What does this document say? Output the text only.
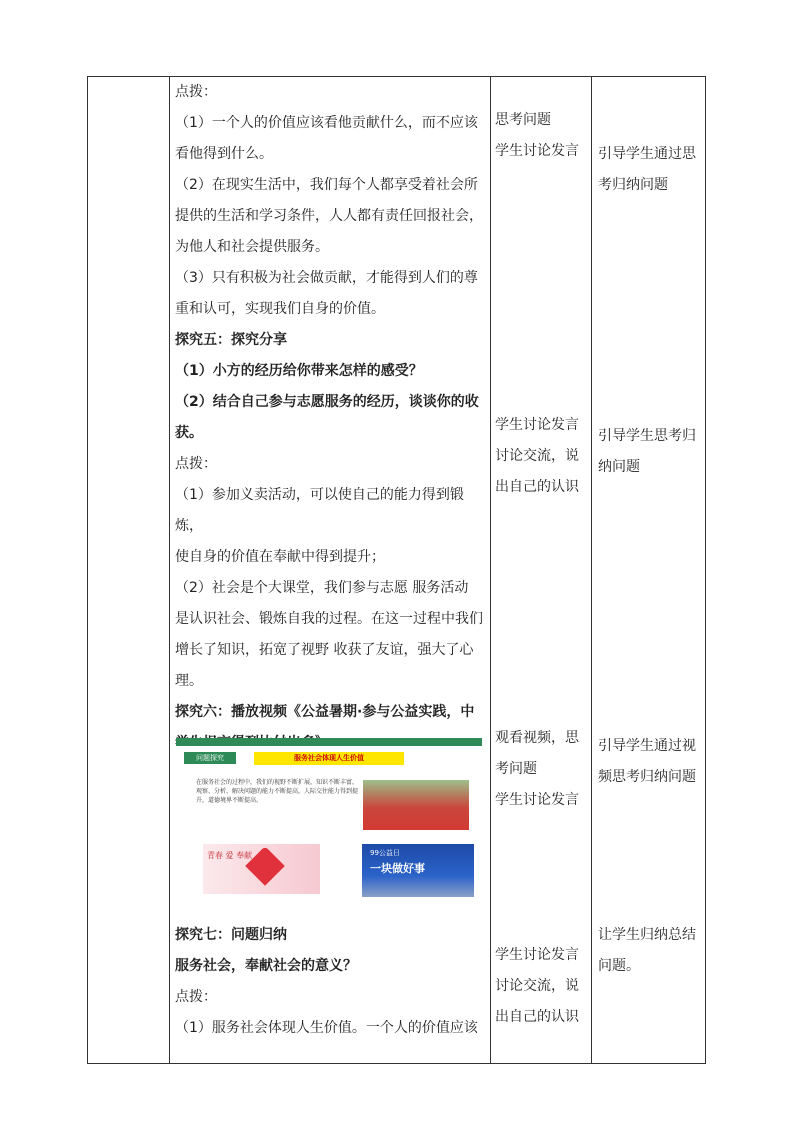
点拨：

（1）一个人的价值应该看他贡献什么，而不应该

看他得到什么。

（2）在现实生活中，我们每个人都享受着社会所

提供的生活和学习条件，人人都有责任回报社会，

为他人和社会提供服务。

（3）只有积极为社会做贡献，才能得到人们的尊

重和认可，实现我们自身的价值。

探究五：探究分享

（1）小方的经历给你带来怎样的感受？

（2）结合自己参与志愿服务的经历，谈谈你的收

获。

点拨：

（1）参加义卖活动，可以使自己的能力得到锻炼，

使自身的价值在奉献中得到提升；

（2）社会是个大课堂，我们参与志愿 服务活动

是认识社会、锻炼自我的过程。在这一过程中我们

增长了知识，拓宽了视野 收获了友谊，强大了心

理。

探究六：播放视频《公益暑期·参与公益实践，中

探究七：问题归纳

服务社会，奉献社会的意义？

点拨：

（1）服务社会体现人生价值。一个人的价值应该

思考问题
学生讨论发言
学生讨论发言
讨论交流，说
出自己的认识
观看视频，思
考问题
学生讨论发言
学生讨论发言
讨论交流，说
出自己的认识
引导学生通过思
考归纳问题
引导学生思考归
纳问题
引导学生通过视
频思考归纳问题
让学生归纳总结
问题。
问题探究	服务社会体现人生价值
在服务社会的过程中，我们的视野不断扩展，知识不断丰富，观察、分析、解决问题的能力不断提高，人际交往能力得到提升，道德境界不断提高。
青春 爱 奉献	99公益日
一块做好事
